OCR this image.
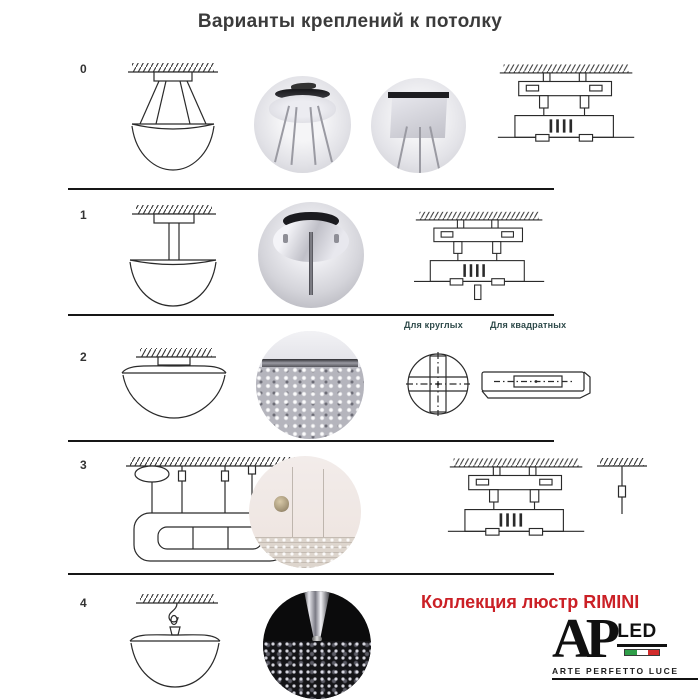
Варианты креплений к потолку
0
1
2
Для круглых	Для квадратных
3
4	Коллекция люстр RIMINI
AP LED
ARTE PERFETTO LUCE
